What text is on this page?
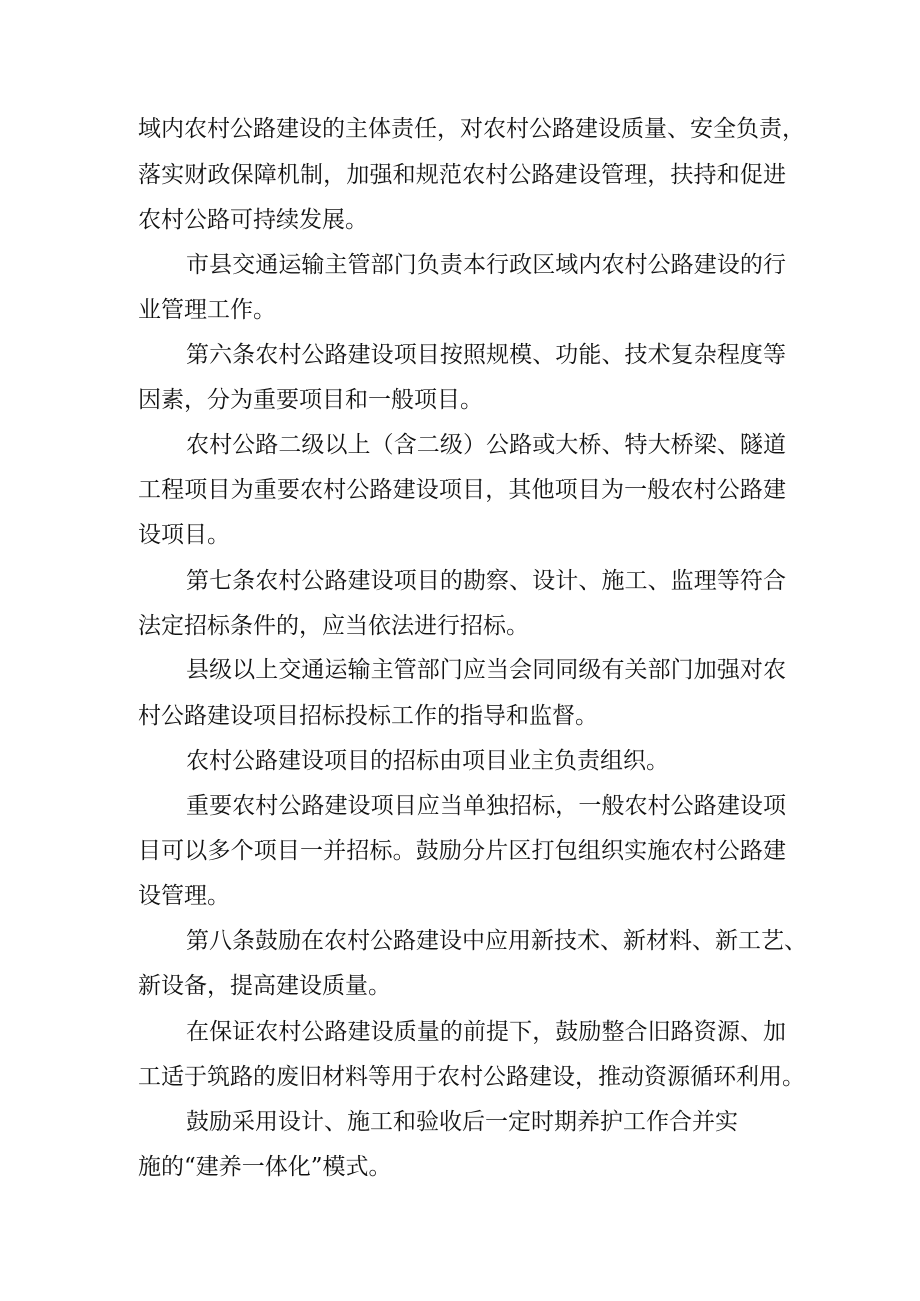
域内农村公路建设的主体责任，对农村公路建设质量、安全负责，
落实财政保障机制，加强和规范农村公路建设管理，扶持和促进
农村公路可持续发展。
市县交通运输主管部门负责本行政区域内农村公路建设的行
业管理工作。
第六条农村公路建设项目按照规模、功能、技术复杂程度等
因素，分为重要项目和一般项目。
农村公路二级以上（含二级）公路或大桥、特大桥梁、隧道
工程项目为重要农村公路建设项目，其他项目为一般农村公路建
设项目。
第七条农村公路建设项目的勘察、设计、施工、监理等符合
法定招标条件的，应当依法进行招标。
县级以上交通运输主管部门应当会同同级有关部门加强对农
村公路建设项目招标投标工作的指导和监督。
农村公路建设项目的招标由项目业主负责组织。
重要农村公路建设项目应当单独招标，一般农村公路建设项
目可以多个项目一并招标。鼓励分片区打包组织实施农村公路建
设管理。
第八条鼓励在农村公路建设中应用新技术、新材料、新工艺、
新设备，提高建设质量。
在保证农村公路建设质量的前提下，鼓励整合旧路资源、加
工适于筑路的废旧材料等用于农村公路建设，推动资源循环利用。
鼓励采用设计、施工和验收后一定时期养护工作合并实
施的“建养一体化”模式。
